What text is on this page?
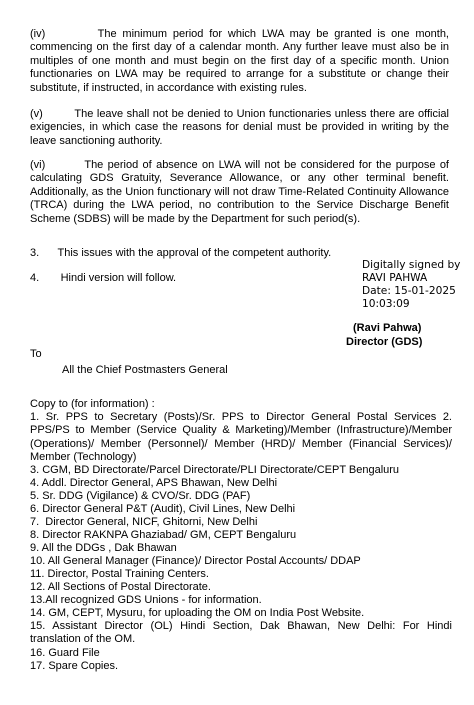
(iv)         The minimum period for which LWA may be granted is one month, commencing on the first day of a calendar month. Any further leave must also be in multiples of one month and must begin on the first day of a specific month. Union functionaries on LWA may be required to arrange for a substitute or change their substitute, if instructed, in accordance with existing rules.

(v)         The leave shall not be denied to Union functionaries unless there are official exigencies, in which case the reasons for denial must be provided in writing by the leave sanctioning authority.

(vi)         The period of absence on LWA will not be considered for the purpose of calculating GDS Gratuity, Severance Allowance, or any other terminal benefit. Additionally, as the Union functionary will not draw Time-Related Continuity Allowance (TRCA) during the LWA period, no contribution to the Service Discharge Benefit Scheme (SDBS) will be made by the Department for such period(s).

3.      This issues with the approval of the competent authority.
4.       Hindi version will follow.
Digitally signed by
RAVI PAHWA
Date: 15-01-2025
10:03:09
(Ravi Pahwa)
Director (GDS)
To
All the Chief Postmasters General
Copy to (for information) :
1. Sr. PPS to Secretary (Posts)/Sr. PPS to Director General Postal Services 2. PPS/PS to Member (Service Quality & Marketing)/Member (Infrastructure)/Member (Operations)/ Member (Personnel)/ Member (HRD)/ Member (Financial Services)/ Member (Technology)
3. CGM, BD Directorate/Parcel Directorate/PLI Directorate/CEPT Bengaluru
4. Addl. Director General, APS Bhawan, New Delhi
5. Sr. DDG (Vigilance) & CVO/Sr. DDG (PAF)
6. Director General P&T (Audit), Civil Lines, New Delhi
7.  Director General, NICF, Ghitorni, New Delhi
8. Director RAKNPA Ghaziabad/ GM, CEPT Bengaluru
9. All the DDGs , Dak Bhawan
10. All General Manager (Finance)/ Director Postal Accounts/ DDAP
11. Director, Postal Training Centers.
12. All Sections of Postal Directorate.
13.All recognized GDS Unions - for information.
14. GM, CEPT, Mysuru, for uploading the OM on India Post Website.
15. Assistant Director (OL) Hindi Section, Dak Bhawan, New Delhi: For Hindi translation of the OM.
16. Guard File
17. Spare Copies.
